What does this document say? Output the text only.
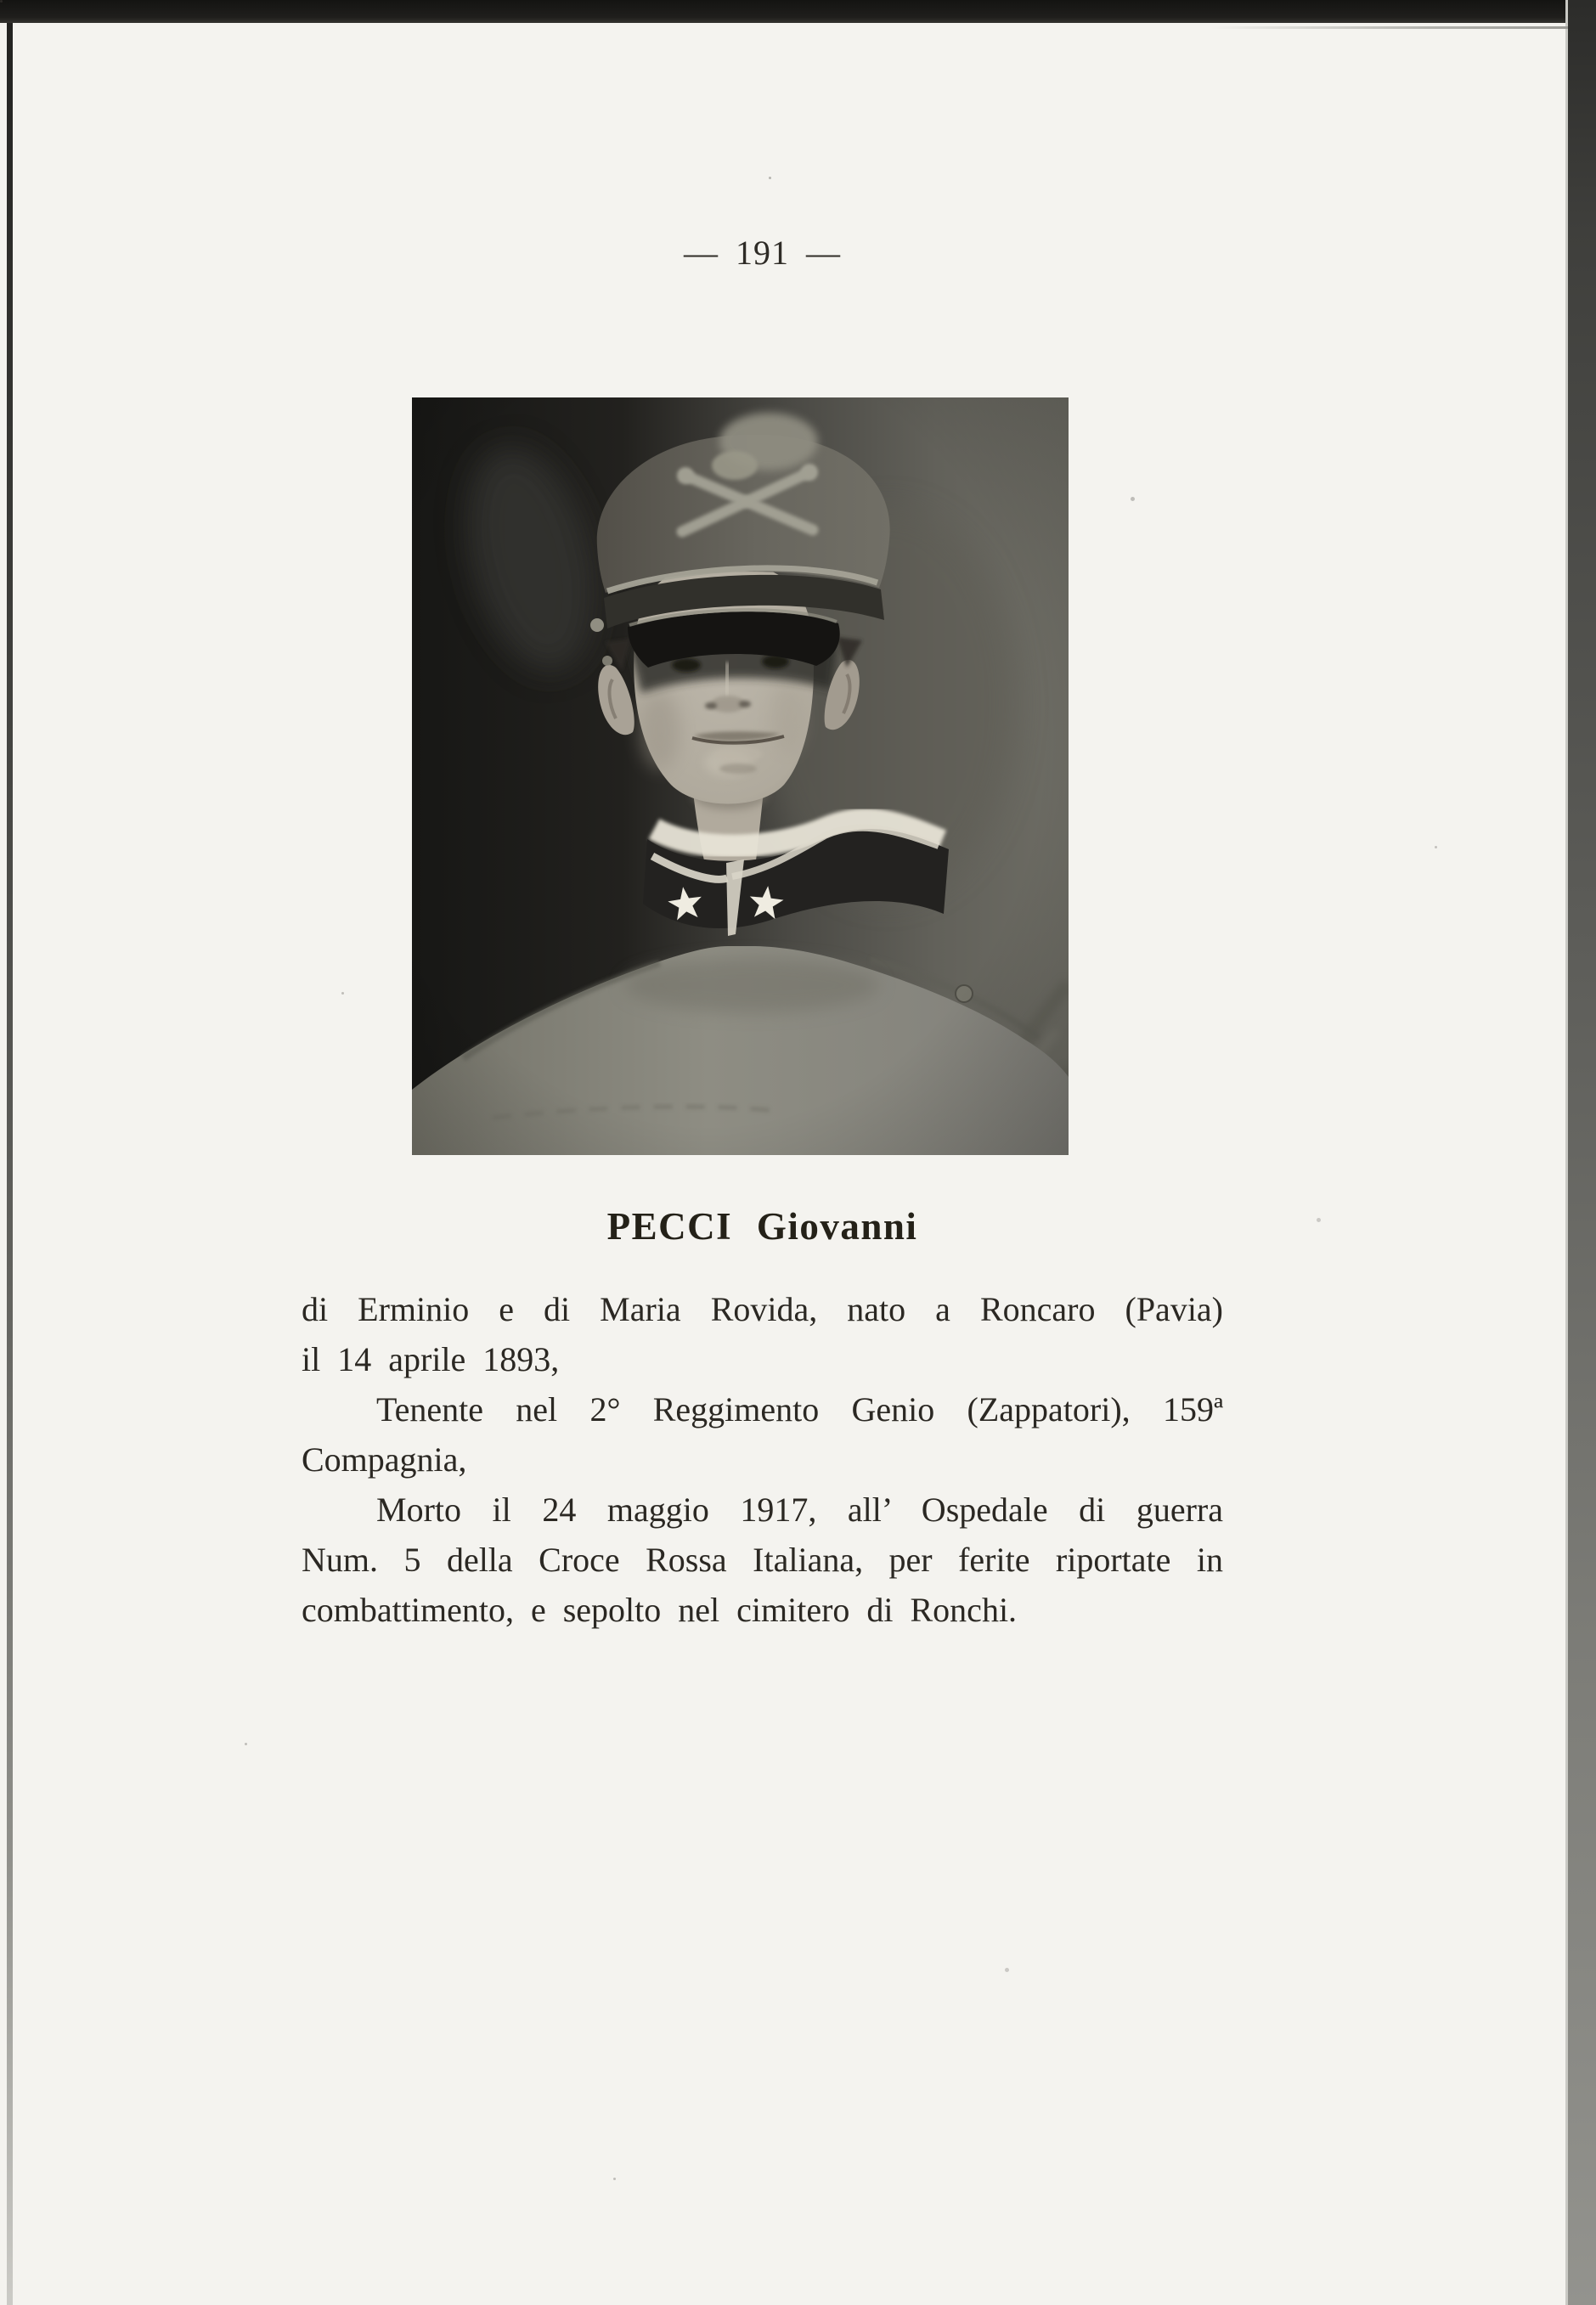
— 191 —
PECCI Giovanni
di Erminio e di Maria Rovida, nato a Roncaro (Pavia)
il 14 aprile 1893,
Tenente nel 2° Reggimento Genio (Zappatori), 159ª
Compagnia,
Morto il 24 maggio 1917, all’ Ospedale di guerra
Num. 5 della Croce Rossa Italiana, per ferite riportate in
combattimento, e sepolto nel cimitero di Ronchi.
